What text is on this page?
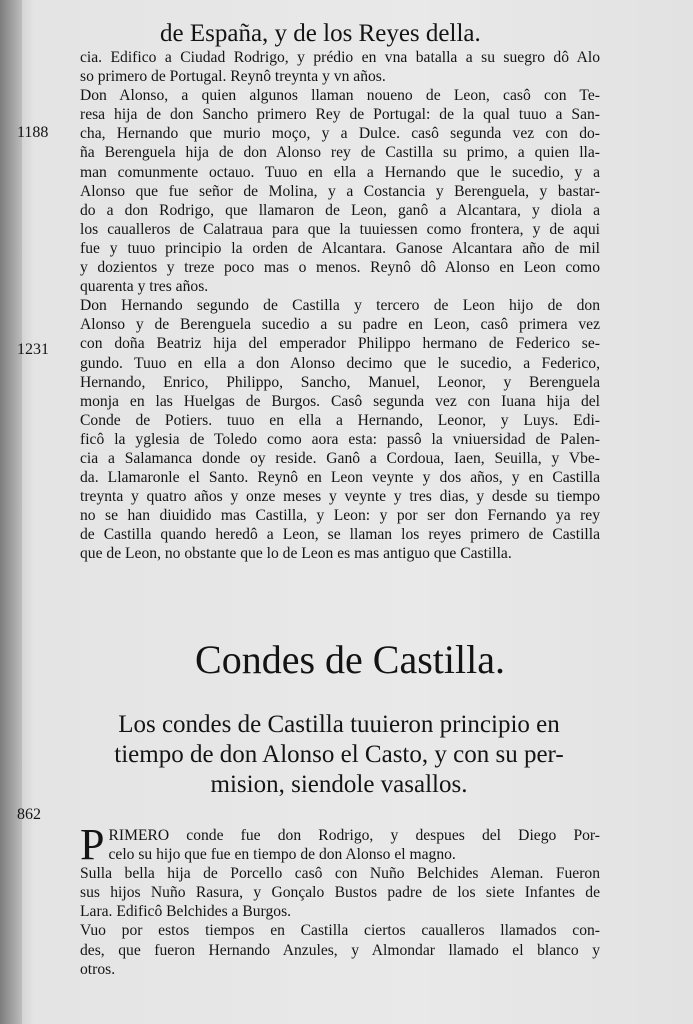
de España, y de los Reyes della.
1188
1231
862
cia. Edifico a Ciudad Rodrigo, y prédio en vna batalla a su suegro dô Alo
so primero de Portugal. Reynô treynta y vn años.
Don Alonso, a quien algunos llaman noueno de Leon, casô con Te-
resa hija de don Sancho primero Rey de Portugal: de la qual tuuo a San-
cha, Hernando que murio moço, y a Dulce. casô segunda vez con do-
ña Berenguela hija de don Alonso rey de Castilla su primo, a quien lla-
man comunmente octauo. Tuuo en ella a Hernando que le sucedio, y a
Alonso que fue señor de Molina, y a Costancia y Berenguela, y bastar-
do a don Rodrigo, que llamaron de Leon, ganô a Alcantara, y diola a
los caualleros de Calatraua para que la tuuiessen como frontera, y de aqui
fue y tuuo principio la orden de Alcantara. Ganose Alcantara año de mil
y dozientos y treze poco mas o menos. Reynô dô Alonso en Leon como
quarenta y tres años.
Don Hernando segundo de Castilla y tercero de Leon hijo de don
Alonso y de Berenguela sucedio a su padre en Leon, casô primera vez
con doña Beatriz hija del emperador Philippo hermano de Federico se-
gundo. Tuuo en ella a don Alonso decimo que le sucedio, a Federico,
Hernando, Enrico, Philippo, Sancho, Manuel, Leonor, y Berenguela
monja en las Huelgas de Burgos. Casô segunda vez con Iuana hija del
Conde de Potiers. tuuo en ella a Hernando, Leonor, y Luys. Edi-
ficô la yglesia de Toledo como aora esta: passô la vniuersidad de Palen-
cia a Salamanca donde oy reside. Ganô a Cordoua, Iaen, Seuilla, y Vbe-
da. Llamaronle el Santo. Reynô en Leon veynte y dos años, y en Castilla
treynta y quatro años y onze meses y veynte y tres dias, y desde su tiempo
no se han diuidido mas Castilla, y Leon: y por ser don Fernando ya rey
de Castilla quando heredô a Leon, se llaman los reyes primero de Castilla
que de Leon, no obstante que lo de Leon es mas antiguo que Castilla.
Condes de Castilla.
Los condes de Castilla tuuieron principio en
tiempo de don Alonso el Casto, y con su per-
mision, siendole vasallos.
P RIMERO conde fue don Rodrigo, y despues del Diego Por-
celo su hijo que fue en tiempo de don Alonso el magno.
Sulla bella hija de Porcello casô con Nuño Belchides Aleman. Fueron
sus hijos Nuño Rasura, y Gonçalo Bustos padre de los siete Infantes de
Lara. Edificô Belchides a Burgos.
Vuo por estos tiempos en Castilla ciertos caualleros llamados con-
des, que fueron Hernando Anzules, y Almondar llamado el blanco y
otros.
